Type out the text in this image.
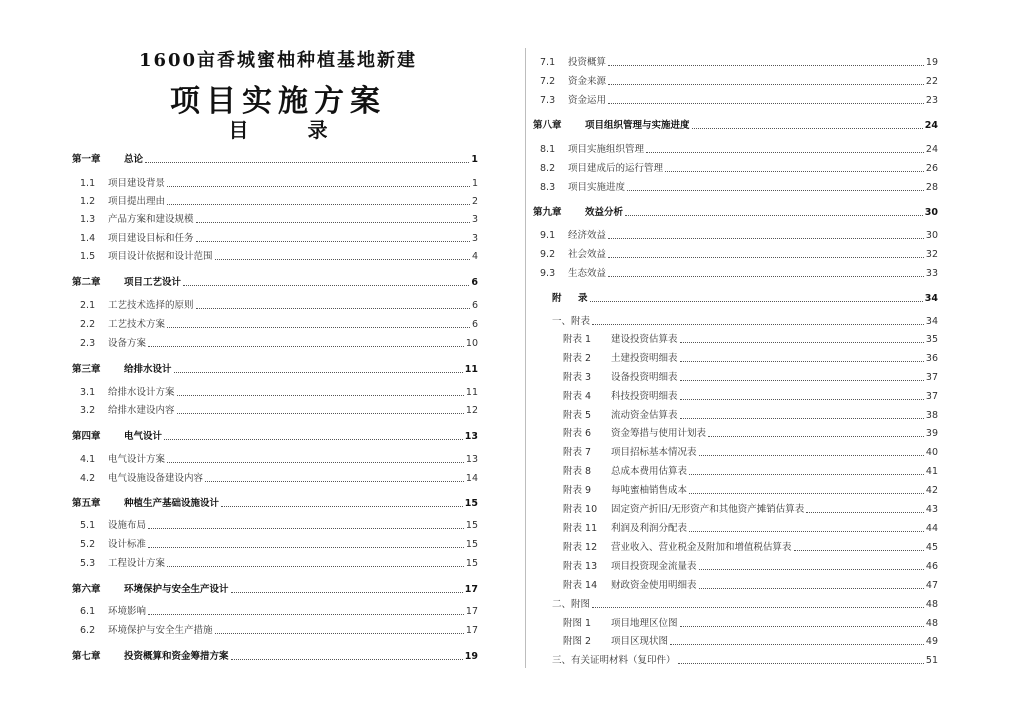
1600亩香城蜜柚种植基地新建
项目实施方案
目 录
第一章	总论	1
1.1	项目建设背景	1
1.2	项目提出理由	2
1.3	产品方案和建设规模	3
1.4	项目建设目标和任务	3
1.5	项目设计依据和设计范围	4
第二章	项目工艺设计	6
2.1	工艺技术选择的原则	6
2.2	工艺技术方案	6
2.3	设备方案	10
第三章	给排水设计	11
3.1	给排水设计方案	11
3.2	给排水建设内容	12
第四章	电气设计	13
4.1	电气设计方案	13
4.2	电气设施设备建设内容	14
第五章	种植生产基础设施设计	15
5.1	设施布局	15
5.2	设计标准	15
5.3	工程设计方案	15
第六章	环境保护与安全生产设计	17
6.1	环境影响	17
6.2	环境保护与安全生产措施	17
第七章	投资概算和资金筹措方案	19
7.1	投资概算	19
7.2	资金来源	22
7.3	资金运用	23
第八章	项目组织管理与实施进度	24
8.1	项目实施组织管理	24
8.2	项目建成后的运行管理	26
8.3	项目实施进度	28
第九章	效益分析	30
9.1	经济效益	30
9.2	社会效益	32
9.3	生态效益	33
附	录	34
一、附表	34
附表 1	建设投资估算表	35
附表 2	土建投资明细表	36
附表 3	设备投资明细表	37
附表 4	科技投资明细表	37
附表 5	流动资金估算表	38
附表 6	资金筹措与使用计划表	39
附表 7	项目招标基本情况表	40
附表 8	总成本费用估算表	41
附表 9	每吨蜜柚销售成本	42
附表 10	固定资产折旧/无形资产和其他资产摊销估算表	43
附表 11	利润及利润分配表	44
附表 12	营业收入、营业税金及附加和增值税估算表	45
附表 13	项目投资现金流量表	46
附表 14	财政资金使用明细表	47
二、附图	48
附图 1	项目地理区位图	48
附图 2	项目区现状图	49
三、有关证明材料（复印件）	51
